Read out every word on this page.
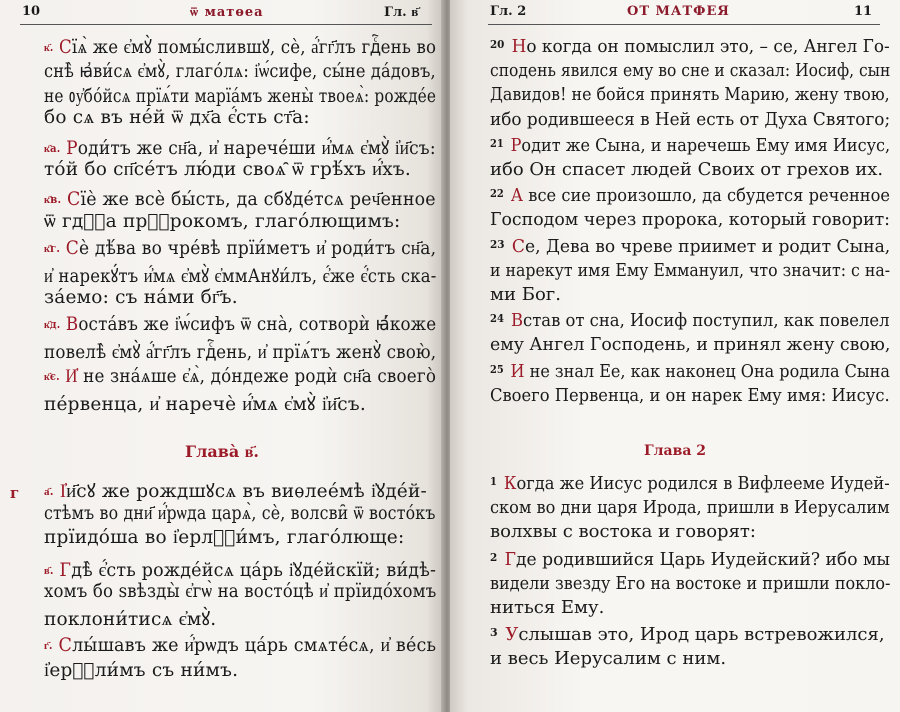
10	ѿ матѳеа	Гл. в҃
к҃. Сїѧ̀ же є҆мꙋ̀ помы́слившꙋ, сѐ, а҆́гг҃лъ гдⷭ҇ень во
снѣ̀ ꙗ҆ви́сѧ є҆мꙋ̀, глаго́лѧ: і҆ѡ́сифе, сы́не да́довъ,
не ᲂу҆бо́йсѧ прїѧ́ти марїа́мъ жены̀ твоеѧ̀: рожде́е
бо сѧ въ не́й ѿ дх҃а є҆́сть ст҃а:
к҃а. Роди́тъ же сн҃а, и҆ нарече́ши и҆́мѧ є҆мꙋ̀ і҆и҃съ:
то́й бо сп҃се́тъ лю́ди своѧ̑ ѿ грѣ́хъ и҆́хъ.
к҃в. Сїѐ же всѐ бы́сть, да сбꙋде́тсѧ реч҃енное
ѿ гдⷭ҇а прⷪ҇рокомъ, глаго́лющимъ:
к҃г. Сѐ дѣ́ва во чре́вѣ прїи́метъ и҆ роди́тъ сн҃а,
и҆ нарекꙋ́тъ и҆́мѧ є҆мꙋ̀ є҆ммАнꙋи́лъ, є҆́же є҆́сть ска-
за́емо: съ на́ми бг҃ъ.
к҃д. Воста́въ же і҆ѡ́сифъ ѿ сна̀, сотворѝ ꙗ҆́коже
повелѣ̀ є҆мꙋ̀ а҆́гг҃лъ гдⷭ҇ень, и҆ прїѧ́тъ женꙋ̀ свою̀,
к҃є. И҆ не зна́ѧше є҆ѧ̀, до́ндеже родѝ сн҃а своего̀
пе́рвенца, и҆ наречѐ и҆́мѧ є҆мꙋ̀ і҆и҃съ.
Глава̀ в҃.
г а҃. І҆и҃сꙋ же рождшꙋсѧ въ виѳлее́мѣ і҆ꙋде́й-
стѣмъ во дни҃ и҆́рѡда царѧ̀, сѐ, волсви̑ ѿ восто́къ
прїидо́ша во і҆ерлⷭ҇и́мъ, глаго́люще:
в҃. Гдѣ̀ є҆́сть рожде́йсѧ ца́рь і҆ꙋде́йскїй; ви́дѣ-
хомъ бо ѕвѣзды̀ є҆гѡ̀ на восто́цѣ и҆ прїидо́хомъ
поклони́тисѧ є҆мꙋ̀.
г҃. Слы́шавъ же и҆́рѡдъ ца́рь смѧте́сѧ, и҆ ве́сь
і҆ерⷭ҇ли́мъ съ ни́мъ.
Гл. 2	ОТ МАТФЕЯ	11
$^{20}$ Но когда он помыслил это, – се, Ангел Го-
сподень явился ему во сне и сказал: Иосиф, сын
Давидов! не бойся принять Марию, жену твою,
ибо родившееся в Ней есть от Духа Святого;
$^{21}$ Родит же Сына, и наречешь Ему имя Иисус,
ибо Он спасет людей Своих от грехов их.
$^{22}$ А все сие произошло, да сбудется реченное
Господом через пророка, который говорит:
$^{23}$ Се, Дева во чреве приимет и родит Сына,
и нарекут имя Ему Еммануил, что значит: с на-
ми Бог.
$^{24}$ Встав от сна, Иосиф поступил, как повелел
ему Ангел Господень, и принял жену свою,
$^{25}$ И не знал Ее, как наконец Она родила Сына
Своего Первенца, и он нарек Ему имя: Иисус.
Глава 2
$^1$ Когда же Иисус родился в Вифлееме Иудей-
ском во дни царя Ирода, пришли в Иерусалим
волхвы с востока и говорят:
$^2$ Где родившийся Царь Иудейский? ибо мы
видели звезду Его на востоке и пришли покло-
ниться Ему.
$^3$ Услышав это, Ирод царь встревожился,
и весь Иерусалим с ним.
